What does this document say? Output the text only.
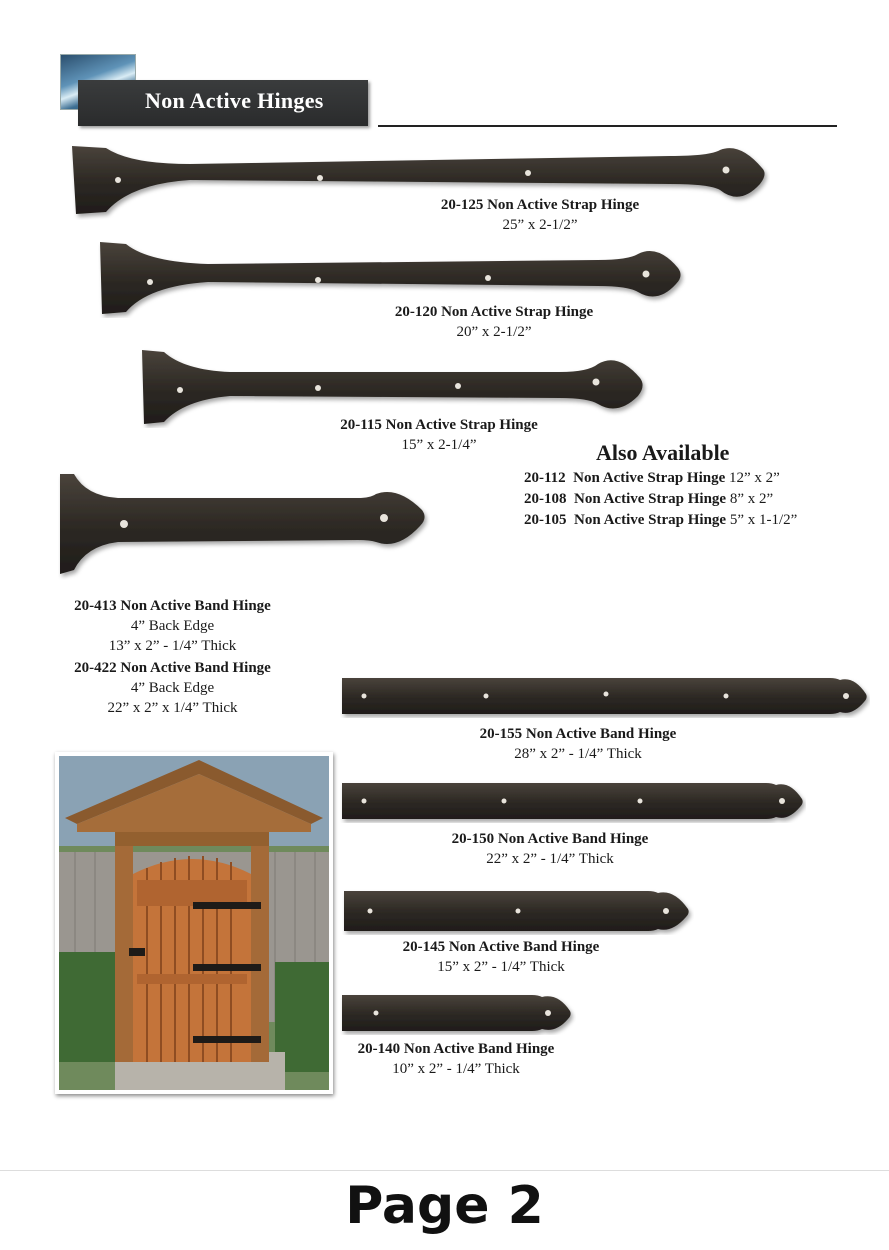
Non Active Hinges
20-125 Non Active Strap Hinge
25” x 2-1/2”
20-120 Non Active Strap Hinge
20” x 2-1/2”
20-115 Non Active Strap Hinge
15” x 2-1/4”	Also Available
20-112 Non Active Strap Hinge 12” x 2”
20-108 Non Active Strap Hinge 8” x 2”
20-105 Non Active Strap Hinge 5” x 1-1/2”
20-413 Non Active Band Hinge
4” Back Edge
13” x 2” - 1/4” Thick
20-422 Non Active Band Hinge
4” Back Edge
22” x 2” x 1/4” Thick
20-155 Non Active Band Hinge
28” x 2” - 1/4” Thick
20-150 Non Active Band Hinge
22” x 2” - 1/4” Thick
20-145 Non Active Band Hinge
15” x 2” - 1/4” Thick
20-140 Non Active Band Hinge
10” x 2” - 1/4” Thick
Page 2
